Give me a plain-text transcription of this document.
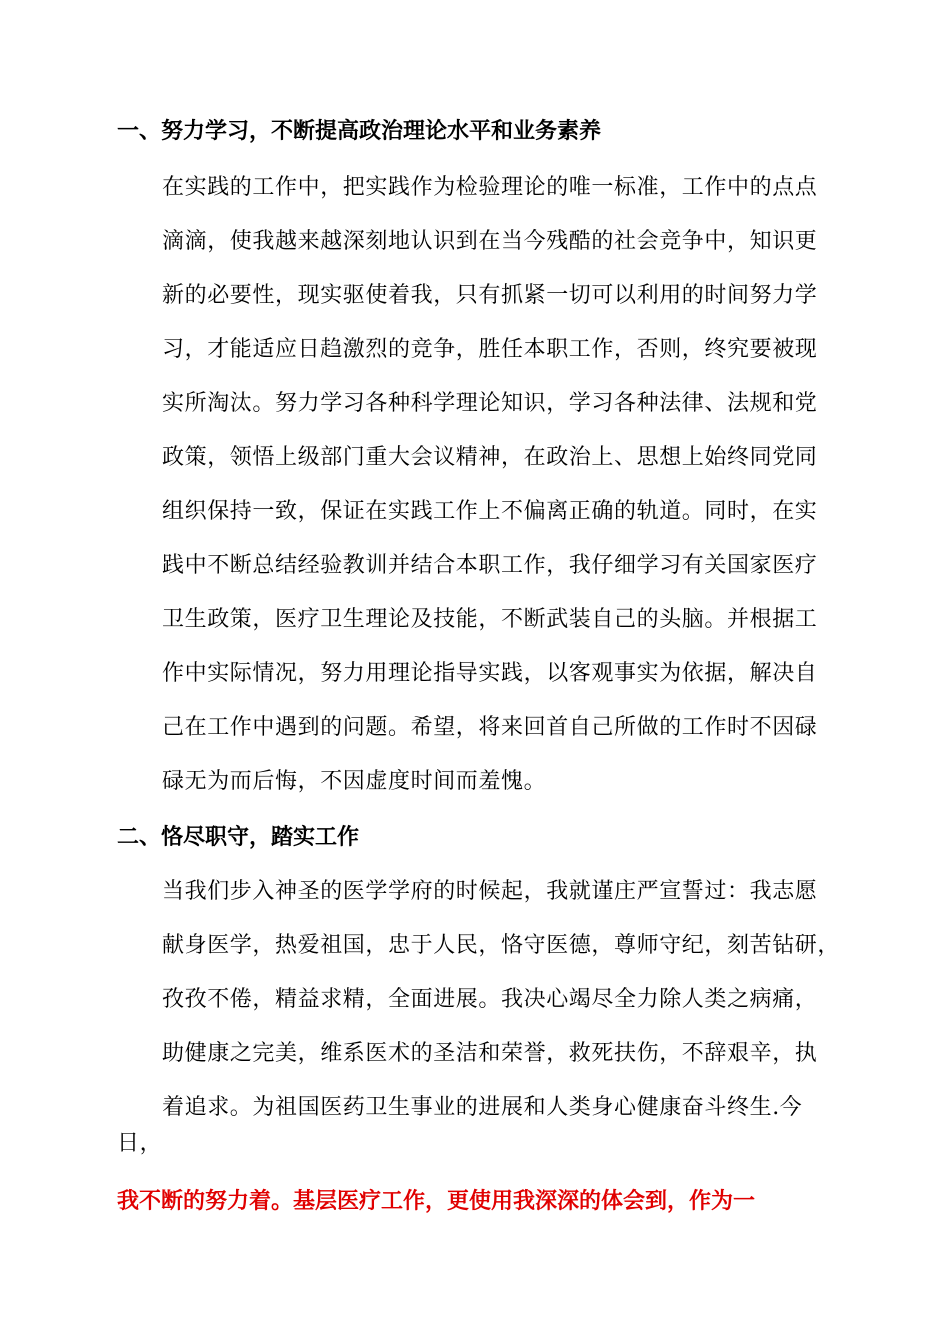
一、努力学习，不断提高政治理论水平和业务素养
在实践的工作中，把实践作为检验理论的唯一标准，工作中的点点
滴滴，使我越来越深刻地认识到在当今残酷的社会竞争中，知识更
新的必要性，现实驱使着我，只有抓紧一切可以利用的时间努力学
习，才能适应日趋激烈的竞争，胜任本职工作，否则，终究要被现
实所淘汰。努力学习各种科学理论知识，学习各种法律、法规和党
政策，领悟上级部门重大会议精神，在政治上、思想上始终同党同
组织保持一致，保证在实践工作上不偏离正确的轨道。同时，在实
践中不断总结经验教训并结合本职工作，我仔细学习有关国家医疗
卫生政策，医疗卫生理论及技能，不断武装自己的头脑。并根据工
作中实际情况，努力用理论指导实践，以客观事实为依据，解决自
己在工作中遇到的问题。希望，将来回首自己所做的工作时不因碌
碌无为而后悔，不因虚度时间而羞愧。
二、恪尽职守，踏实工作
当我们步入神圣的医学学府的时候起，我就谨庄严宣誓过：我志愿
献身医学，热爱祖国，忠于人民，恪守医德，尊师守纪，刻苦钻研，
孜孜不倦，精益求精，全面进展。我决心竭尽全力除人类之病痛，
助健康之完美，维系医术的圣洁和荣誉，救死扶伤，不辞艰辛，执
着追求。为祖国医药卫生事业的进展和人类身心健康奋斗终生.今
日，
我不断的努力着。基层医疗工作，更使用我深深的体会到，作为一
